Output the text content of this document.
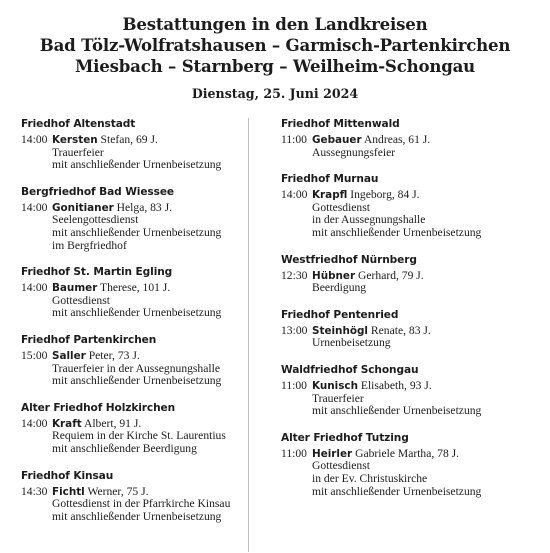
Bestattungen in den Landkreisen
Bad Tölz-Wolfratshausen – Garmisch-Partenkirchen
Miesbach – Starnberg – Weilheim-Schongau
Dienstag, 25. Juni 2024
Friedhof Altenstadt
14:00 Kersten Stefan, 69 J.
Trauerfeier
mit anschließender Urnenbeisetzung
Bergfriedhof Bad Wiessee
14:00 Gonitianer Helga, 83 J.
Seelengottesdienst
mit anschließender Urnenbeisetzung
im Bergfriedhof
Friedhof St. Martin Egling
14:00 Baumer Therese, 101 J.
Gottesdienst
mit anschließender Urnenbeisetzung
Friedhof Partenkirchen
15:00 Saller Peter, 73 J.
Trauerfeier in der Aussegnungshalle
mit anschließender Urnenbeisetzung
Alter Friedhof Holzkirchen
14:00 Kraft Albert, 91 J.
Requiem in der Kirche St. Laurentius
mit anschließender Beerdigung
Friedhof Kinsau
14:30 Fichtl Werner, 75 J.
Gottesdienst in der Pfarrkirche Kinsau
mit anschließender Urnenbeisetzung
Friedhof Mittenwald
11:00 Gebauer Andreas, 61 J.
Aussegnungsfeier
Friedhof Murnau
14:00 Krapfl Ingeborg, 84 J.
Gottesdienst
in der Aussegnungshalle
mit anschließender Urnenbeisetzung
Westfriedhof Nürnberg
12:30 Hübner Gerhard, 79 J.
Beerdigung
Friedhof Pentenried
13:00 Steinhögl Renate, 83 J.
Urnenbeisetzung
Waldfriedhof Schongau
11:00 Kunisch Elisabeth, 93 J.
Trauerfeier
mit anschließender Urnenbeisetzung
Alter Friedhof Tutzing
11:00 Heirler Gabriele Martha, 78 J.
Gottesdienst
in der Ev. Christuskirche
mit anschließender Urnenbeisetzung
